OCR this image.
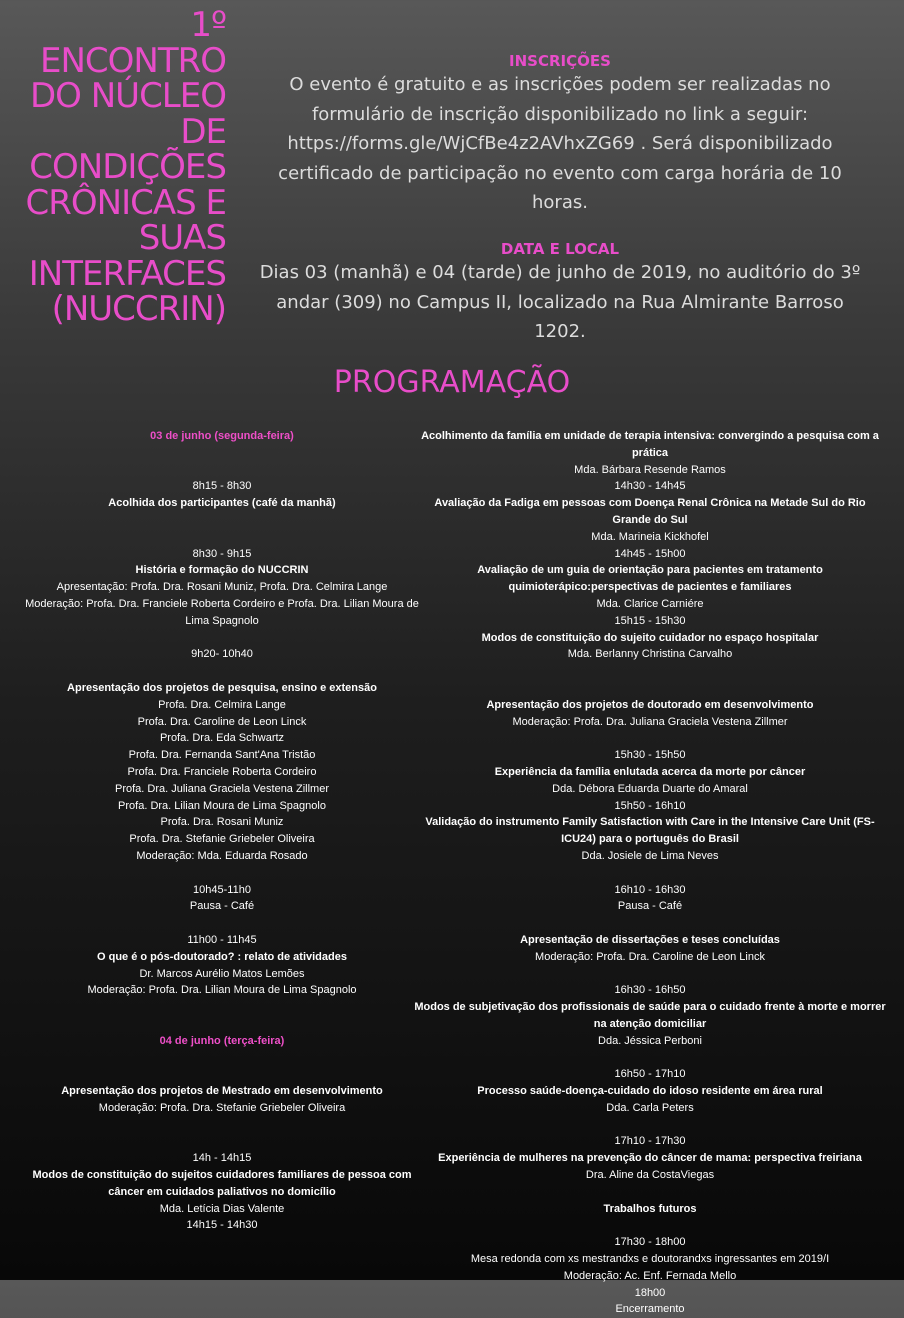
1º
ENCONTRO
DO NÚCLEO
DE
CONDIÇÕES
CRÔNICAS E
SUAS
INTERFACES
(NUCCRIN)
INSCRIÇÕES
O evento é gratuito e as inscrições podem ser realizadas no
formulário de inscrição disponibilizado no link a seguir:
https://forms.gle/WjCfBe4z2AVhxZG69 . Será disponibilizado
certificado de participação no evento com carga horária de 10
horas.
DATA E LOCAL
Dias 03 (manhã) e 04 (tarde) de junho de 2019, no auditório do 3º
andar (309) no Campus II, localizado na Rua Almirante Barroso
1202.
PROGRAMAÇÃO
03 de junho (segunda-feira)
8h15 - 8h30
Acolhida dos participantes (café da manhã)
8h30 - 9h15
História e formação do NUCCRIN
Apresentação: Profa. Dra. Rosani Muniz, Profa. Dra. Celmira Lange
Moderação: Profa. Dra. Franciele Roberta Cordeiro e Profa. Dra. Lilian Moura de
Lima Spagnolo
9h20- 10h40
Apresentação dos projetos de pesquisa, ensino e extensão
Profa. Dra. Celmira Lange
Profa. Dra. Caroline de Leon Linck
Profa. Dra. Eda Schwartz
Profa. Dra. Fernanda Sant'Ana Tristão
Profa. Dra. Franciele Roberta Cordeiro
Profa. Dra. Juliana Graciela Vestena Zillmer
Profa. Dra. Lilian Moura de Lima Spagnolo
Profa. Dra. Rosani Muniz
Profa. Dra. Stefanie Griebeler Oliveira
Moderação: Mda. Eduarda Rosado
10h45-11h0
Pausa - Café
11h00 - 11h45
O que é o pós-doutorado? : relato de atividades
Dr. Marcos Aurélio Matos Lemões
Moderação: Profa. Dra. Lilian Moura de Lima Spagnolo
04 de junho (terça-feira)
Apresentação dos projetos de Mestrado em desenvolvimento
Moderação: Profa. Dra. Stefanie Griebeler Oliveira
14h - 14h15
Modos de constituição do sujeitos cuidadores familiares de pessoa com
câncer em cuidados paliativos no domicílio
Mda. Letícia Dias Valente
14h15 - 14h30
Acolhimento da família em unidade de terapia intensiva: convergindo a pesquisa com a
prática
Mda. Bárbara Resende Ramos
14h30 - 14h45
Avaliação da Fadiga em pessoas com Doença Renal Crônica na Metade Sul do Rio
Grande do Sul
Mda. Marineia Kickhofel
14h45 - 15h00
Avaliação de um guia de orientação para pacientes em tratamento
quimioterápico:perspectivas de pacientes e familiares
Mda. Clarice Carniére
15h15 - 15h30
Modos de constituição do sujeito cuidador no espaço hospitalar
Mda. Berlanny Christina Carvalho
Apresentação dos projetos de doutorado em desenvolvimento
Moderação: Profa. Dra. Juliana Graciela Vestena Zillmer
15h30 - 15h50
Experiência da família enlutada acerca da morte por câncer
Dda. Débora Eduarda Duarte do Amaral
15h50 - 16h10
Validação do instrumento Family Satisfaction with Care in the Intensive Care Unit (FS-
ICU24) para o português do Brasil
Dda. Josiele de Lima Neves
16h10 - 16h30
Pausa - Café
Apresentação de dissertações e teses concluídas
Moderação: Profa. Dra. Caroline de Leon Linck
16h30 - 16h50
Modos de subjetivação dos profissionais de saúde para o cuidado frente à morte e morrer
na atenção domiciliar
Dda. Jéssica Perboni
16h50 - 17h10
Processo saúde-doença-cuidado do idoso residente em área rural
Dda. Carla Peters
17h10 - 17h30
Experiência de mulheres na prevenção do câncer de mama: perspectiva freiriana
Dra. Aline da CostaViegas
Trabalhos futuros
17h30 - 18h00
Mesa redonda com xs mestrandxs e doutorandxs ingressantes em 2019/I
Moderação: Ac. Enf. Fernada Mello
18h00
Encerramento
